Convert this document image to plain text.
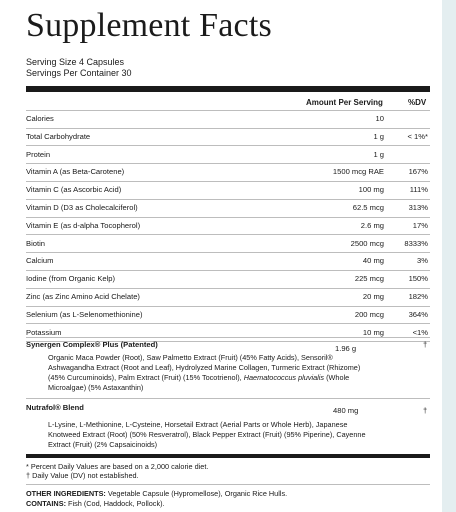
Supplement Facts
Serving Size 4 Capsules
Servings Per Container 30
Amount Per Serving	%DV
Calories	10
Total Carbohydrate	1 g	< 1%*
Protein	1 g
Vitamin A (as Beta-Carotene)	1500 mcg RAE	167%
Vitamin C (as Ascorbic Acid)	100 mg	111%
Vitamin D (D3 as Cholecalciferol)	62.5 mcg	313%
Vitamin E (as d-alpha Tocopherol)	2.6 mg	17%
Biotin	2500 mcg	8333%
Calcium	40 mg	3%
Iodine (from Organic Kelp)	225 mcg	150%
Zinc (as Zinc Amino Acid Chelate)	20 mg	182%
Selenium (as L-Selenomethionine)	200 mcg	364%
Potassium	10 mg	<1%
Synergen Complex® Plus (Patented)	1.96 g	†
Organic Maca Powder (Root), Saw Palmetto Extract (Fruit) (45% Fatty Acids), Sensoril®
Ashwagandha Extract (Root and Leaf), Hydrolyzed Marine Collagen, Turmeric Extract (Rhizome)
(45% Curcuminoids), Palm Extract (Fruit) (15% Tocotrienol), Haematococcus pluvialis (Whole
Microalgae) (5% Astaxanthin)
Nutrafol® Blend	480 mg	†
L-Lysine, L-Methionine, L-Cysteine, Horsetail Extract (Aerial Parts or Whole Herb), Japanese
Knotweed Extract (Root) (50% Resveratrol), Black Pepper Extract (Fruit) (95% Piperine), Cayenne
Extract (Fruit) (2% Capsaicinoids)
* Percent Daily Values are based on a 2,000 calorie diet.
† Daily Value (DV) not established.
OTHER INGREDIENTS: Vegetable Capsule (Hypromellose), Organic Rice Hulls.
CONTAINS: Fish (Cod, Haddock, Pollock).
